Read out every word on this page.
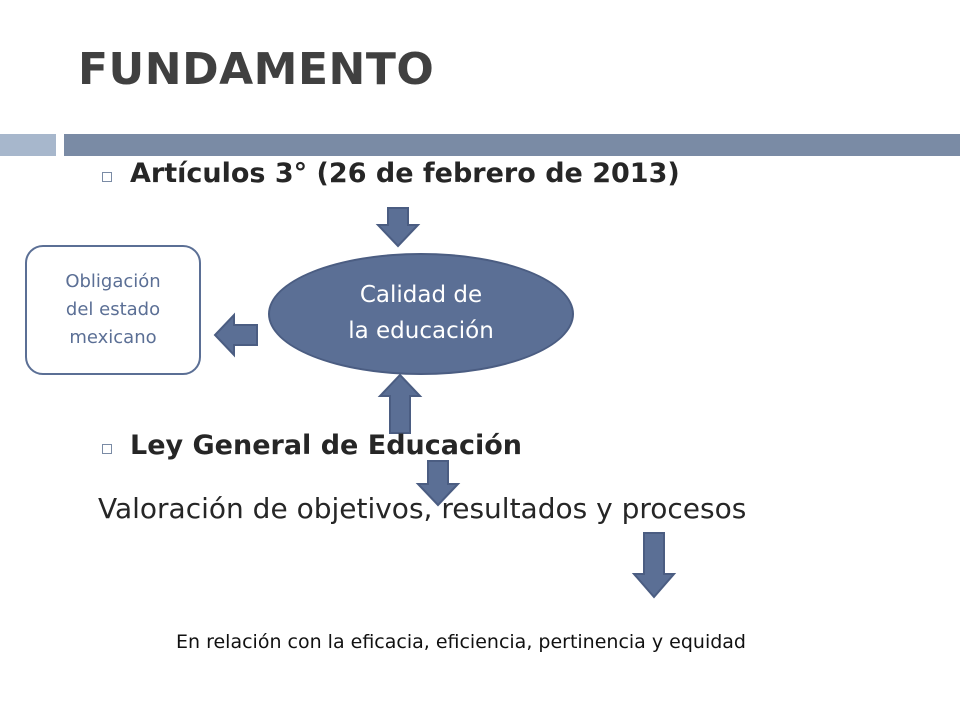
FUNDAMENTO
Artículos 3° (26 de febrero de 2013)
Obligación
del estado
mexicano
Calidad de
la educación
Ley General de Educación
Valoración de objetivos, resultados y procesos
En relación con la eficacia, eficiencia, pertinencia y equidad
